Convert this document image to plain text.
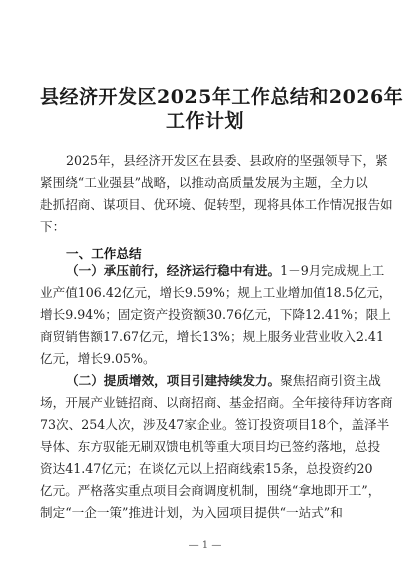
县经济开发区2025年工作总结和2026年
工作计划
2025年，县经济开发区在县委、县政府的坚强领导下，紧
紧围绕“工业强县”战略，以推动高质量发展为主题，全力以
赴抓招商、谋项目、优环境、促转型，现将具体工作情况报告如
下：
一、工作总结
（一）承压前行，经济运行稳中有进。1－9月完成规上工
业产值106.42亿元，增长9.59%；规上工业增加值18.5亿元，
增长9.94%；固定资产投资额30.76亿元，下降12.41%；限上
商贸销售额17.67亿元，增长13%；规上服务业营业收入2.41
亿元，增长9.05%。
（二）提质增效，项目引建持续发力。聚焦招商引资主战
场，开展产业链招商、以商招商、基金招商。全年接待拜访客商
73次、254人次，涉及47家企业。签订投资项目18个，盖泽半
导体、东方驭能无刷双馈电机等重大项目均已签约落地，总投
资达41.47亿元；在谈亿元以上招商线索15条，总投资约20
亿元。严格落实重点项目会商调度机制，围绕“拿地即开工”，
制定“一企一策”推进计划，为入园项目提供“一站式”和
— 1 —
